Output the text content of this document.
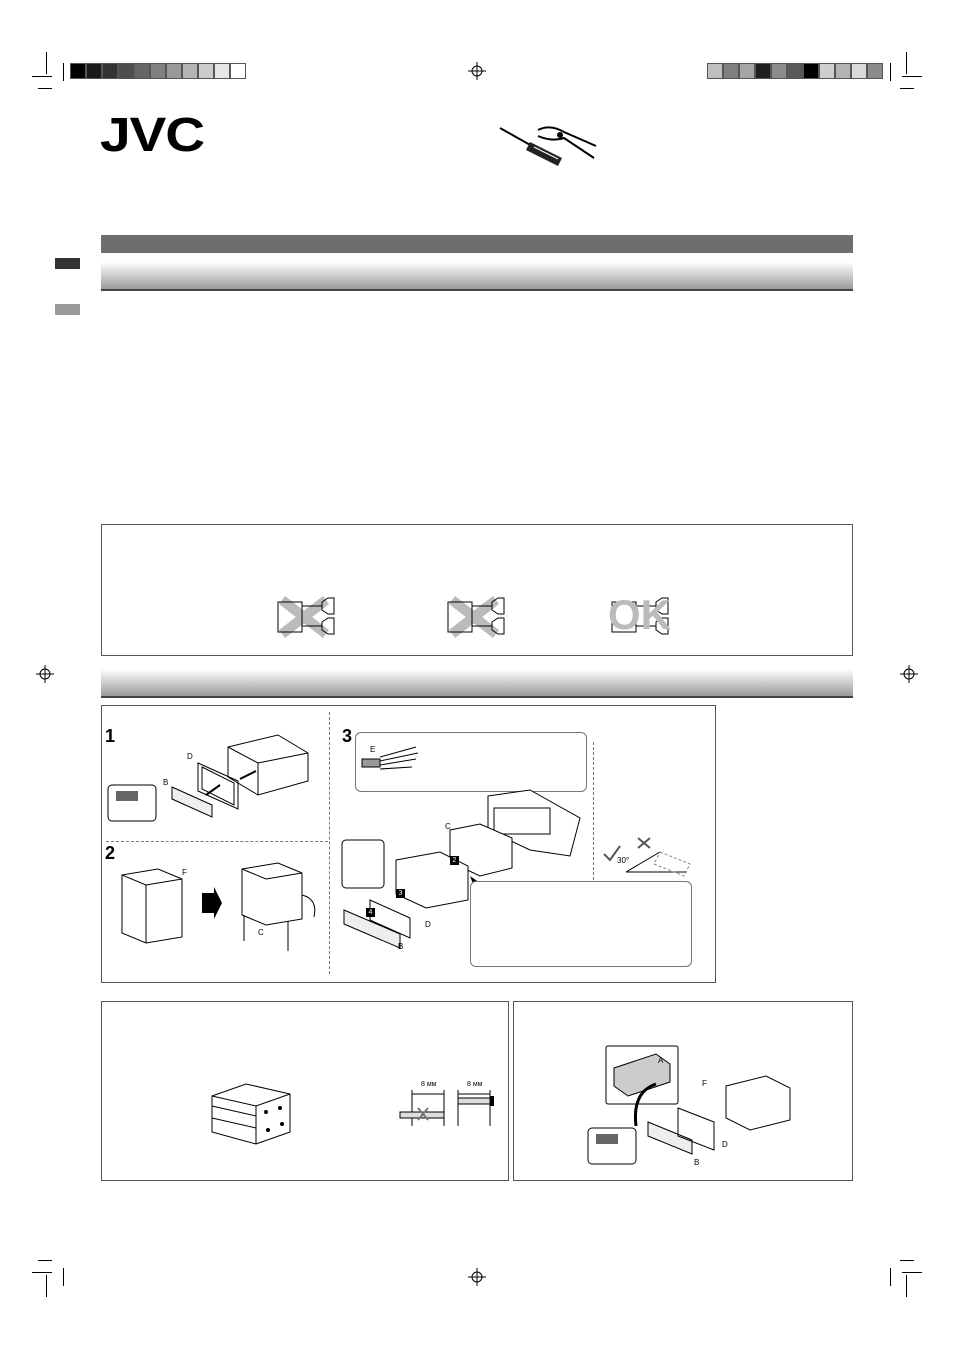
JVC
OK
1
2
3
D
B
F
C
E
C
D
B
2
3
4
30°
8 мм	8 мм
A
F
D
B
